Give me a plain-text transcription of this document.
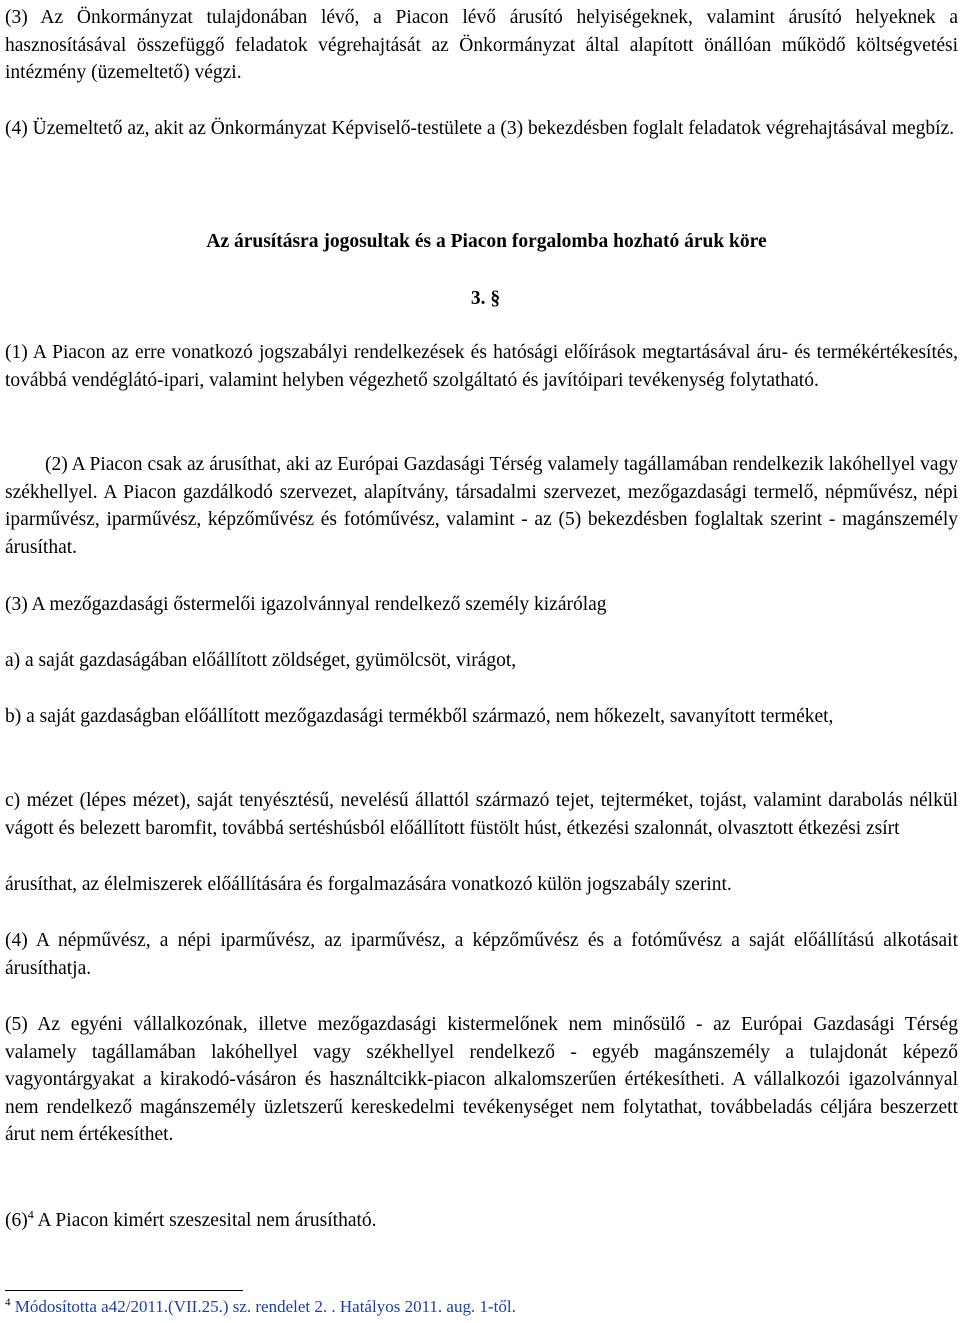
(3) Az Önkormányzat tulajdonában lévő, a Piacon lévő árusító helyiségeknek, valamint árusító helyeknek a hasznosításával összefüggő feladatok végrehajtását az Önkormányzat által alapított önállóan működő költségvetési intézmény (üzemeltető) végzi.

(4) Üzemeltető az, akit az Önkormányzat Képviselő-testülete a (3) bekezdésben foglalt feladatok végrehajtásával megbíz.

Az árusításra jogosultak és a Piacon forgalomba hozható áruk köre
3. §

(1) A Piacon az erre vonatkozó jogszabályi rendelkezések és hatósági előírások megtartásával áru- és termékértékesítés, továbbá vendéglátó-ipari, valamint helyben végezhető szolgáltató és javítóipari tevékenység folytatható.

(2) A Piacon csak az árusíthat, aki az Európai Gazdasági Térség valamely tagállamában rendelkezik lakóhellyel vagy székhellyel. A Piacon gazdálkodó szervezet, alapítvány, társadalmi szervezet, mezőgazdasági termelő, népművész, népi iparművész, iparművész, képzőművész és fotóművész, valamint - az (5) bekezdésben foglaltak szerint - magánszemély árusíthat.

(3) A mezőgazdasági őstermelői igazolvánnyal rendelkező személy kizárólag

a) a saját gazdaságában előállított zöldséget, gyümölcsöt, virágot,

b) a saját gazdaságban előállított mezőgazdasági termékből származó, nem hőkezelt, savanyított terméket,

c) mézet (lépes mézet), saját tenyésztésű, nevelésű állattól származó tejet, tejterméket, tojást, valamint darabolás nélkül vágott és belezett baromfit, továbbá sertéshúsból előállított füstölt húst, étkezési szalonnát, olvasztott étkezési zsírt

árusíthat, az élelmiszerek előállítására és forgalmazására vonatkozó külön jogszabály szerint.

(4) A népművész, a népi iparművész, az iparművész, a képzőművész és a fotóművész a saját előállítású alkotásait árusíthatja.

(5) Az egyéni vállalkozónak, illetve mezőgazdasági kistermelőnek nem minősülő - az Európai Gazdasági Térség valamely tagállamában lakóhellyel vagy székhellyel rendelkező - egyéb magánszemély a tulajdonát képező vagyontárgyakat a kirakodó-vásáron és használtcikk-piacon alkalomszerűen értékesítheti. A vállalkozói igazolvánnyal nem rendelkező magánszemély üzletszerű kereskedelmi tevékenységet nem folytathat, továbbeladás céljára beszerzett árut nem értékesíthet.

$(6)^4$ A Piacon kimért szeszesital nem árusítható.

$^4$ Módosította a42/2011.(VII.25.) sz. rendelet 2. . Hatályos 2011. aug. 1-től.
